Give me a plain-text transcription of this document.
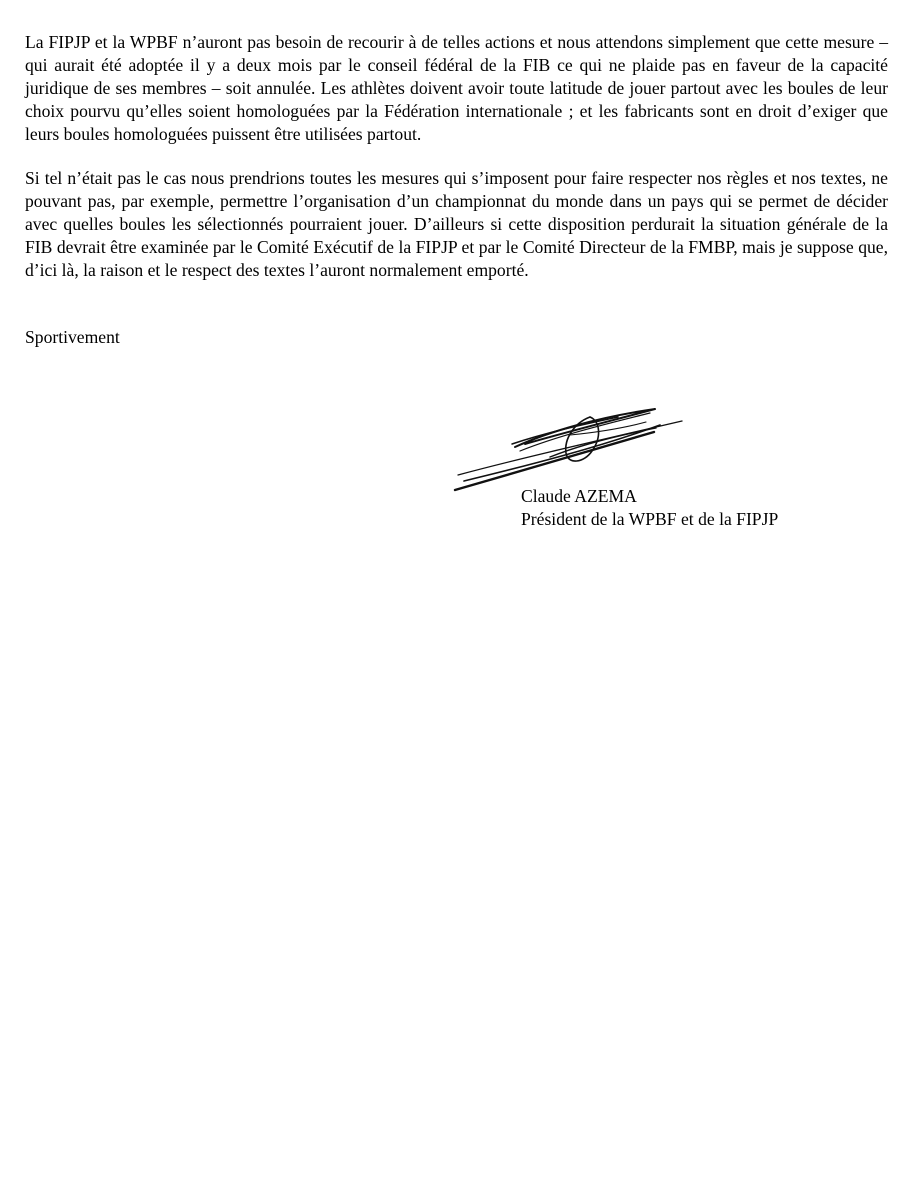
La FIPJP et la WPBF n’auront pas besoin de recourir à de telles actions et nous attendons simplement que cette mesure – qui aurait été adoptée il y a deux mois par le conseil fédéral de la FIB ce qui ne plaide pas en faveur de la capacité juridique de ses membres – soit annulée. Les athlètes doivent avoir toute latitude de jouer partout avec les boules de leur choix pourvu qu’elles soient homologuées par la Fédération internationale ; et les fabricants sont en droit d’exiger que leurs boules homologuées puissent être utilisées partout.

Si tel n’était pas le cas nous prendrions toutes les mesures qui s’imposent pour faire respecter nos règles et nos textes, ne pouvant pas, par exemple, permettre l’organisation d’un championnat du monde dans un pays qui se permet de décider avec quelles boules les sélectionnés pourraient jouer. D’ailleurs si cette disposition perdurait la situation générale de la FIB devrait être examinée par le Comité Exécutif de la FIPJP et par le Comité Directeur de la FMBP, mais je suppose que, d’ici là, la raison et le respect des textes l’auront normalement emporté.

Sportivement

Claude AZEMA
Président de la WPBF et de la FIPJP
